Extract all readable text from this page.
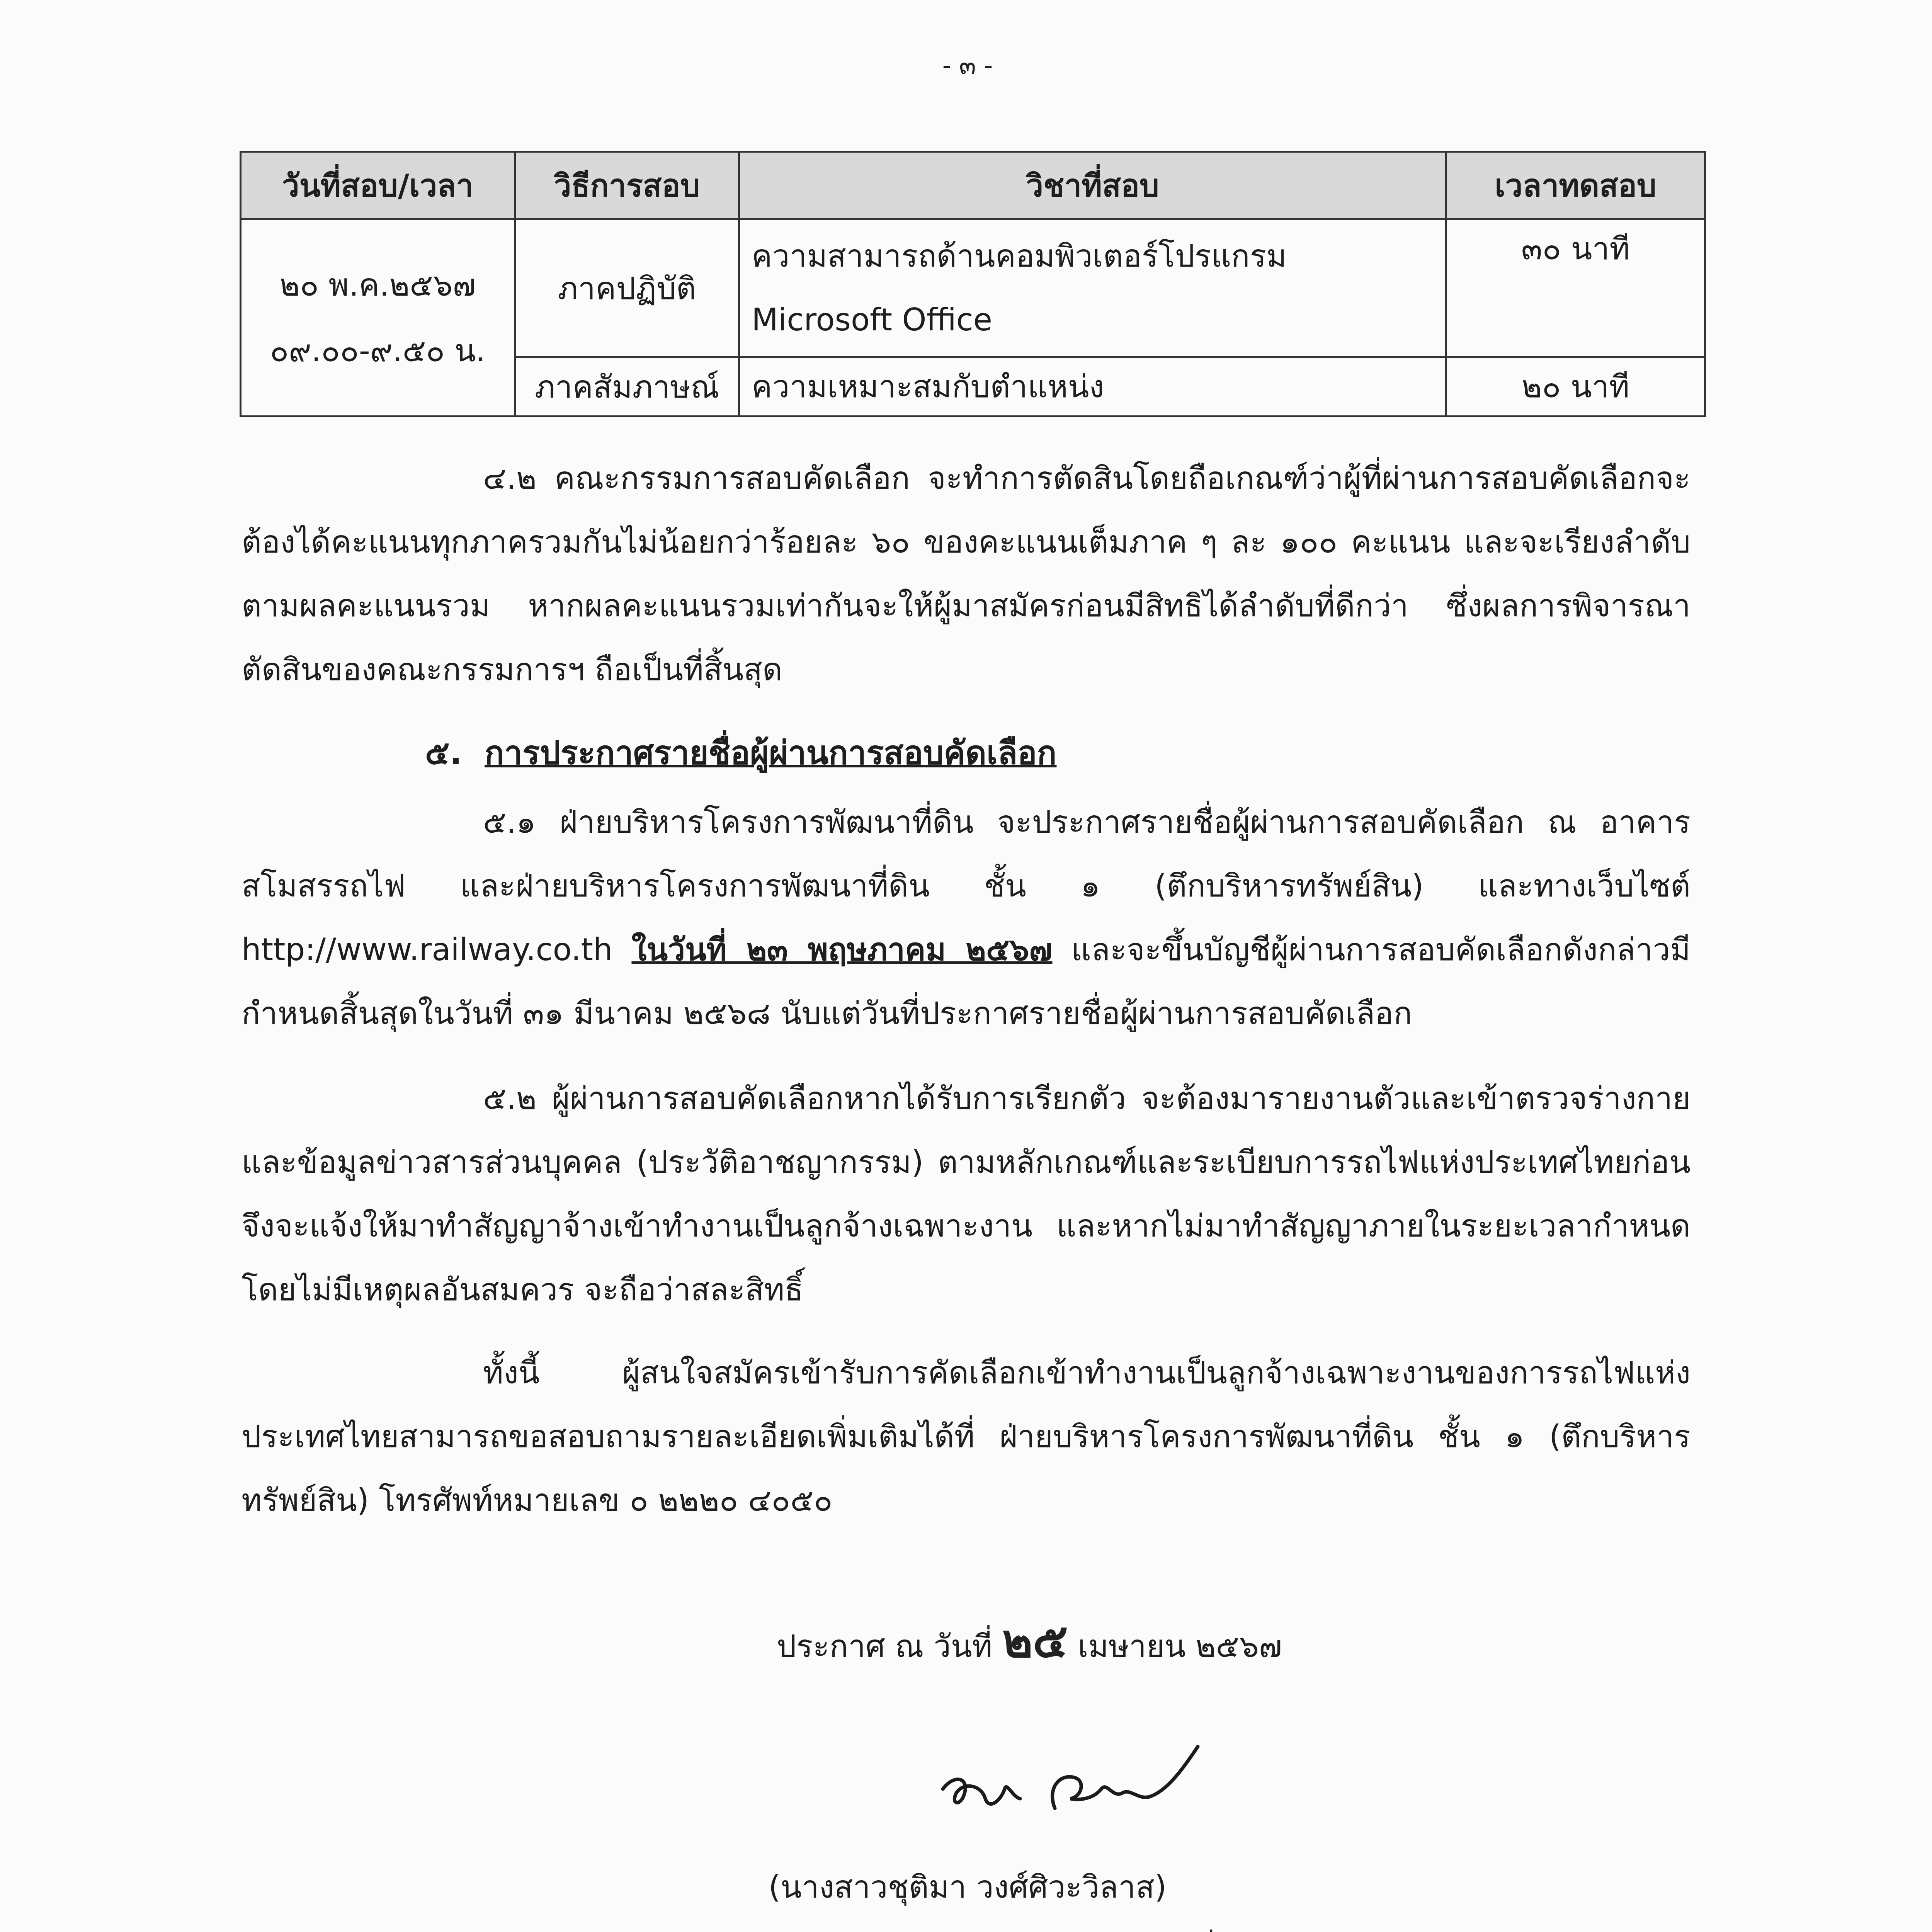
- ๓ -
วันที่สอบ/เวลา	วิธีการสอบ	วิชาที่สอบ	เวลาทดสอบ

๒๐ พ.ค.๒๕๖๗
๐๙.๐๐-๙.๕๐ น.	ภาคปฏิบัติ	ความสามารถด้านคอมพิวเตอร์โปรแกรม Microsoft Office	๓๐ นาที
	ภาคสัมภาษณ์	ความเหมาะสมกับตำแหน่ง	๒๐ นาที

๔.๒ คณะกรรมการสอบคัดเลือก จะทำการตัดสินโดยถือเกณฑ์ว่าผู้ที่ผ่านการสอบคัดเลือกจะต้องได้คะแนนทุกภาครวมกันไม่น้อยกว่าร้อยละ ๖๐ ของคะแนนเต็มภาค ๆ ละ ๑๐๐ คะแนน และจะเรียงลำดับตามผลคะแนนรวม หากผลคะแนนรวมเท่ากันจะให้ผู้มาสมัครก่อนมีสิทธิได้ลำดับที่ดีกว่า ซึ่งผลการพิจารณาตัดสินของคณะกรรมการฯ ถือเป็นที่สิ้นสุด

๕. การประกาศรายชื่อผู้ผ่านการสอบคัดเลือก

๕.๑ ฝ่ายบริหารโครงการพัฒนาที่ดิน จะประกาศรายชื่อผู้ผ่านการสอบคัดเลือก ณ อาคารสโมสรรถไฟ และฝ่ายบริหารโครงการพัฒนาที่ดิน ชั้น ๑ (ตึกบริหารทรัพย์สิน) และทางเว็บไซต์ http://www.railway.co.th ในวันที่ ๒๓ พฤษภาคม ๒๕๖๗ และจะขึ้นบัญชีผู้ผ่านการสอบคัดเลือกดังกล่าวมีกำหนดสิ้นสุดในวันที่ ๓๑ มีนาคม ๒๕๖๘ นับแต่วันที่ประกาศรายชื่อผู้ผ่านการสอบคัดเลือก

๕.๒ ผู้ผ่านการสอบคัดเลือกหากได้รับการเรียกตัว จะต้องมารายงานตัวและเข้าตรวจร่างกายและข้อมูลข่าวสารส่วนบุคคล (ประวัติอาชญากรรม) ตามหลักเกณฑ์และระเบียบการรถไฟแห่งประเทศไทยก่อนจึงจะแจ้งให้มาทำสัญญาจ้างเข้าทำงานเป็นลูกจ้างเฉพาะงาน และหากไม่มาทำสัญญาภายในระยะเวลากำหนดโดยไม่มีเหตุผลอันสมควร จะถือว่าสละสิทธิ์

ทั้งนี้ ผู้สนใจสมัครเข้ารับการคัดเลือกเข้าทำงานเป็นลูกจ้างเฉพาะงานของการรถไฟแห่งประเทศไทยสามารถขอสอบถามรายละเอียดเพิ่มเติมได้ที่ ฝ่ายบริหารโครงการพัฒนาที่ดิน ชั้น ๑ (ตึกบริหารทรัพย์สิน) โทรศัพท์หมายเลข ๐ ๒๒๒๐ ๔๐๕๐

ประกาศ ณ วันที่ ๒๕ เมษายน ๒๕๖๗
(นางสาวชุติมา วงศ์ศิวะวิลาส)
